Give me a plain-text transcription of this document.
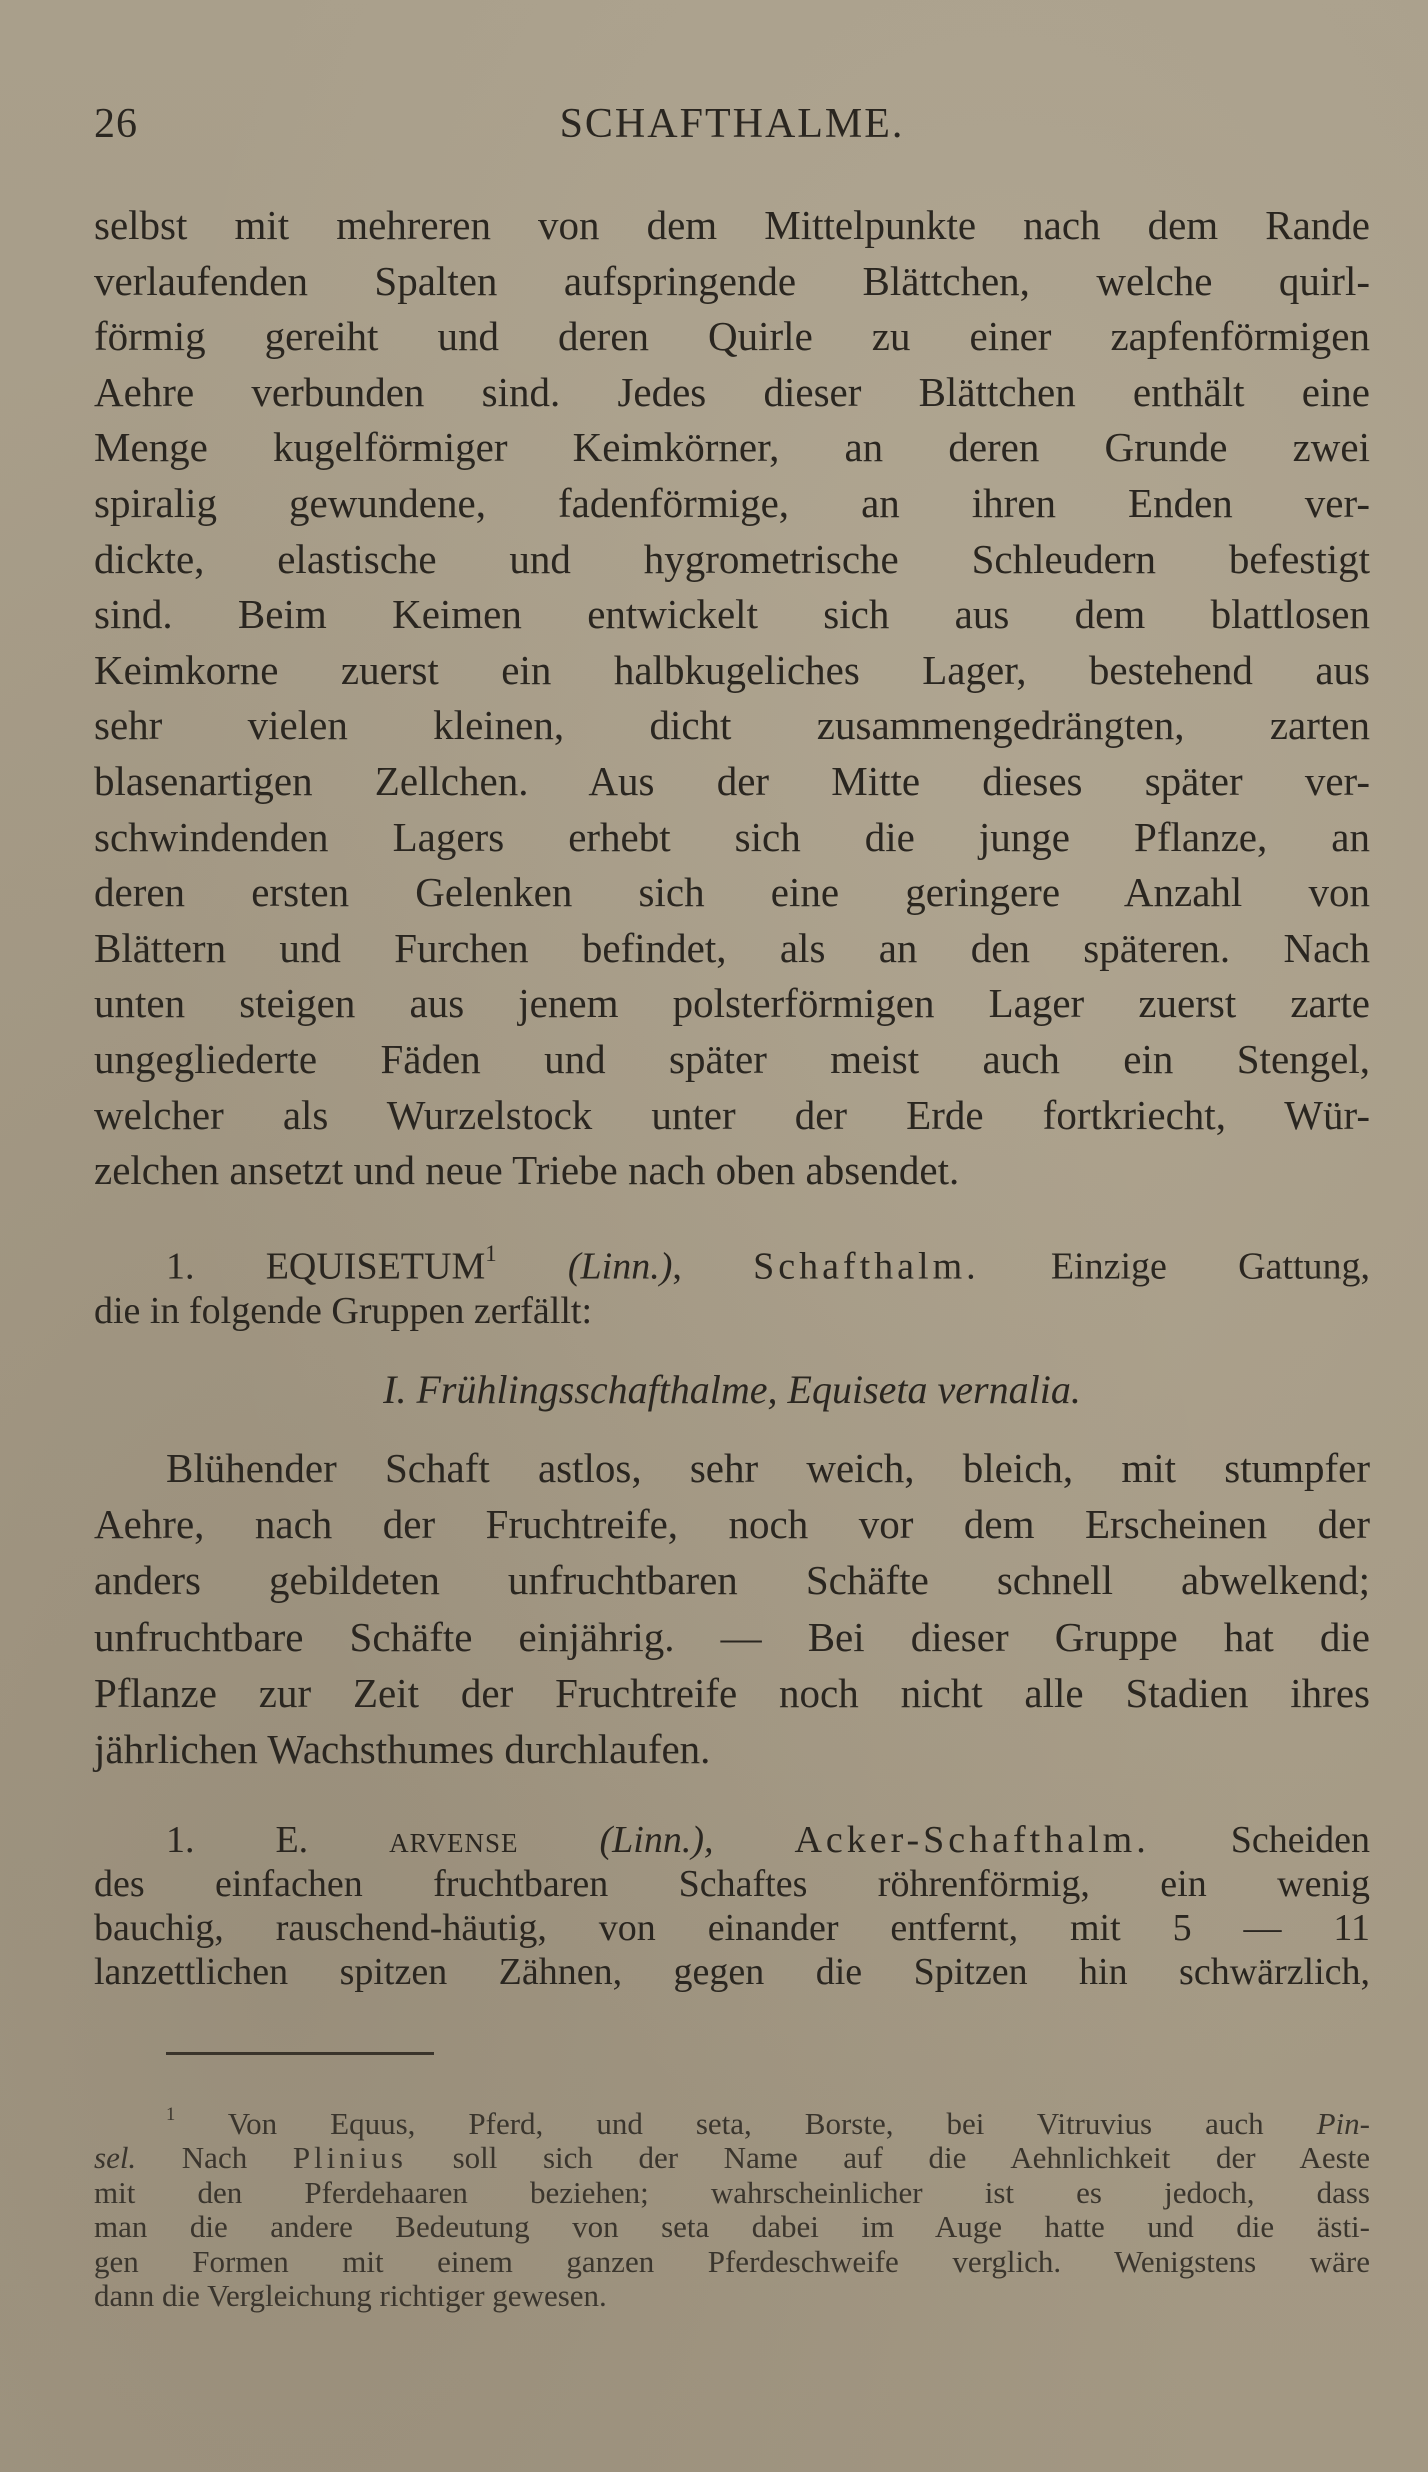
26	SCHAFTHALME.
selbst mit mehreren von dem Mittelpunkte nach dem Rande
verlaufenden Spalten aufspringende Blättchen, welche quirl-
förmig gereiht und deren Quirle zu einer zapfenförmigen
Aehre verbunden sind. Jedes dieser Blättchen enthält eine
Menge kugelförmiger Keimkörner, an deren Grunde zwei
spiralig gewundene, fadenförmige, an ihren Enden ver-
dickte, elastische und hygrometrische Schleudern befestigt
sind. Beim Keimen entwickelt sich aus dem blattlosen
Keimkorne zuerst ein halbkugeliches Lager, bestehend aus
sehr vielen kleinen, dicht zusammengedrängten, zarten
blasenartigen Zellchen. Aus der Mitte dieses später ver-
schwindenden Lagers erhebt sich die junge Pflanze, an
deren ersten Gelenken sich eine geringere Anzahl von
Blättern und Furchen befindet, als an den späteren. Nach
unten steigen aus jenem polsterförmigen Lager zuerst zarte
ungegliederte Fäden und später meist auch ein Stengel,
welcher als Wurzelstock unter der Erde fortkriecht, Wür-
zelchen ansetzt und neue Triebe nach oben absendet.
1. EQUISETUM$^1$ (Linn.), Schafthalm. Einzige Gattung,
die in folgende Gruppen zerfällt:
I. Frühlingsschafthalme, Equiseta vernalia.
Blühender Schaft astlos, sehr weich, bleich, mit stumpfer
Aehre, nach der Fruchtreife, noch vor dem Erscheinen der
anders gebildeten unfruchtbaren Schäfte schnell abwelkend;
unfruchtbare Schäfte einjährig. — Bei dieser Gruppe hat die
Pflanze zur Zeit der Fruchtreife noch nicht alle Stadien ihres
jährlichen Wachsthumes durchlaufen.
1. E. arvense (Linn.), Acker-Schafthalm. Scheiden
des einfachen fruchtbaren Schaftes röhrenförmig, ein wenig
bauchig, rauschend-häutig, von einander entfernt, mit 5 — 11
lanzettlichen spitzen Zähnen, gegen die Spitzen hin schwärzlich,
$^1$ Von Equus, Pferd, und seta, Borste, bei Vitruvius auch Pin-
sel. Nach Plinius soll sich der Name auf die Aehnlichkeit der Aeste
mit den Pferdehaaren beziehen; wahrscheinlicher ist es jedoch, dass
man die andere Bedeutung von seta dabei im Auge hatte und die ästi-
gen Formen mit einem ganzen Pferdeschweife verglich. Wenigstens wäre
dann die Vergleichung richtiger gewesen.
